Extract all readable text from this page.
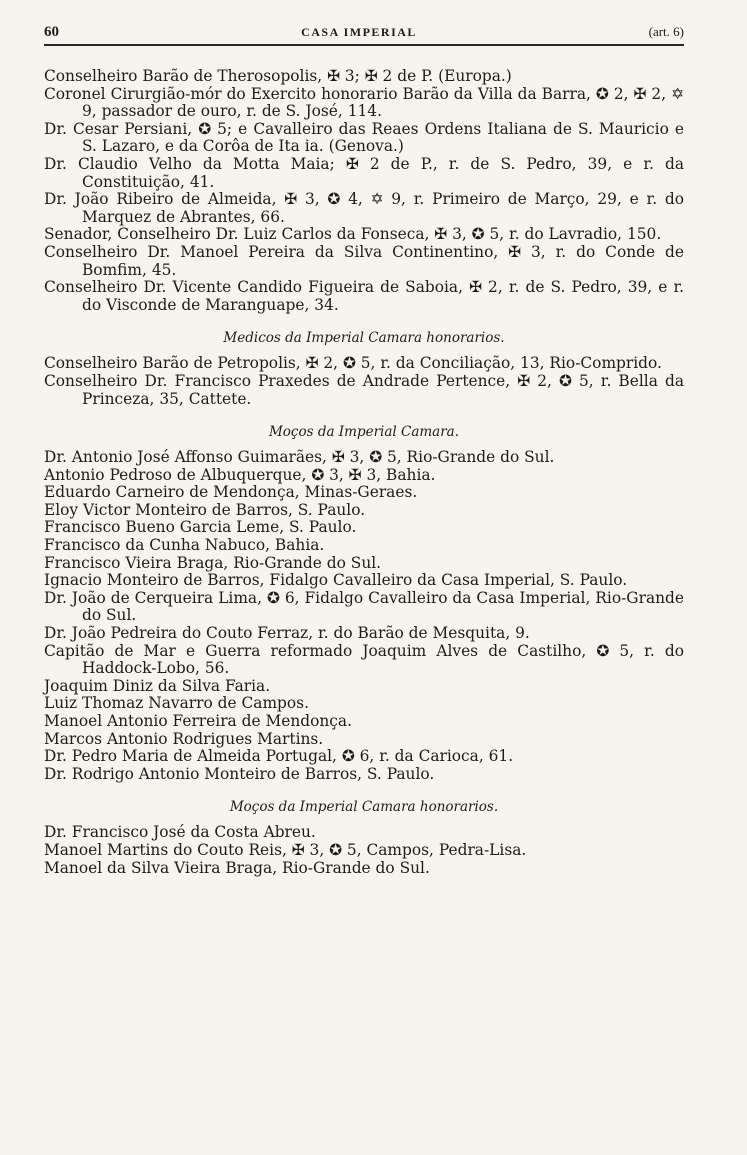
60	CASA IMPERIAL	(art. 6)

Conselheiro Barão de Therosopolis, ✠ 3; ✠ 2 de P. (Europa.)

Coronel Cirurgião-mór do Exercito honorario Barão da Villa da Barra, ✪ 2, ✠ 2, ✡ 9, passador de ouro, r. de S. José, 114.

Dr. Cesar Persiani, ✪ 5; e Cavalleiro das Reaes Ordens Italiana de S. Mauricio e S. Lazaro, e da Corôa de Ita ia. (Genova.)

Dr. Claudio Velho da Motta Maia; ✠ 2 de P., r. de S. Pedro, 39, e r. da Constituição, 41.

Dr. João Ribeiro de Almeida, ✠ 3, ✪ 4, ✡ 9, r. Primeiro de Março, 29, e r. do Marquez de Abrantes, 66.

Senador, Conselheiro Dr. Luiz Carlos da Fonseca, ✠ 3, ✪ 5, r. do Lavradio, 150.

Conselheiro Dr. Manoel Pereira da Silva Continentino, ✠ 3, r. do Conde de Bomfim, 45.

Conselheiro Dr. Vicente Candido Figueira de Saboia, ✠ 2, r. de S. Pedro, 39, e r. do Visconde de Maranguape, 34.

Medicos da Imperial Camara honorarios.

Conselheiro Barão de Petropolis, ✠ 2, ✪ 5, r. da Conciliação, 13, Rio-Comprido.

Conselheiro Dr. Francisco Praxedes de Andrade Pertence, ✠ 2, ✪ 5, r. Bella da Princeza, 35, Cattete.

Moços da Imperial Camara.

Dr. Antonio José Affonso Guimarães, ✠ 3, ✪ 5, Rio-Grande do Sul.

Antonio Pedroso de Albuquerque, ✪ 3, ✠ 3, Bahia.

Eduardo Carneiro de Mendonça, Minas-Geraes.

Eloy Victor Monteiro de Barros, S. Paulo.

Francisco Bueno Garcia Leme, S. Paulo.

Francisco da Cunha Nabuco, Bahia.

Francisco Vieira Braga, Rio-Grande do Sul.

Ignacio Monteiro de Barros, Fidalgo Cavalleiro da Casa Imperial, S. Paulo.

Dr. João de Cerqueira Lima, ✪ 6, Fidalgo Cavalleiro da Casa Imperial, Rio-Grande do Sul.

Dr. João Pedreira do Couto Ferraz, r. do Barão de Mesquita, 9.

Capitão de Mar e Guerra reformado Joaquim Alves de Castilho, ✪ 5, r. do Haddock-Lobo, 56.

Joaquim Diniz da Silva Faria.

Luiz Thomaz Navarro de Campos.

Manoel Antonio Ferreira de Mendonça.

Marcos Antonio Rodrigues Martins.

Dr. Pedro Maria de Almeida Portugal, ✪ 6, r. da Carioca, 61.

Dr. Rodrigo Antonio Monteiro de Barros, S. Paulo.

Moços da Imperial Camara honorarios.

Dr. Francisco José da Costa Abreu.

Manoel Martins do Couto Reis, ✠ 3, ✪ 5, Campos, Pedra-Lisa.

Manoel da Silva Vieira Braga, Rio-Grande do Sul.
